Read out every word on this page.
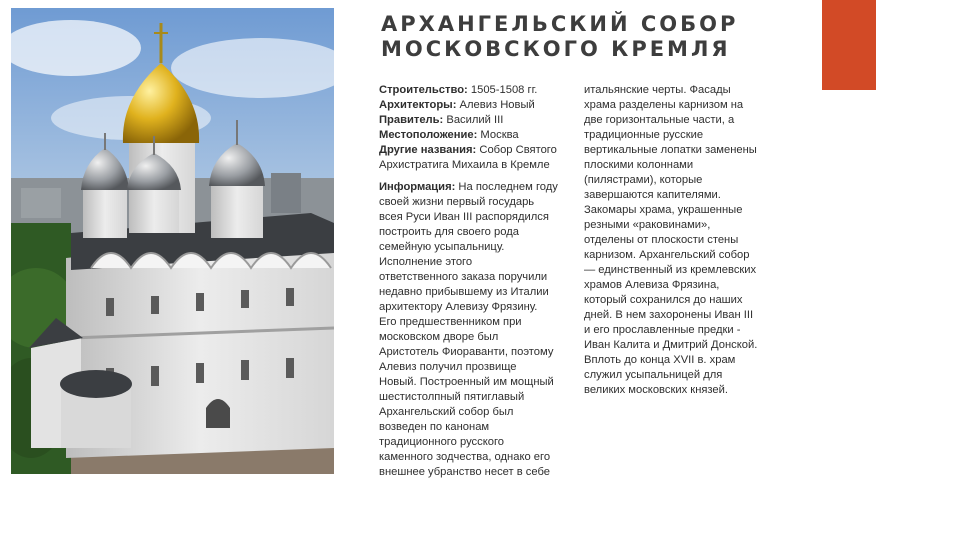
АРХАНГЕЛЬСКИЙ СОБОР
МОСКОВСКОГО КРЕМЛЯ
Строительство: 1505-1508 гг.
Архитекторы: Алевиз Новый
Правитель: Василий III
Местоположение: Москва
Другие названия: Собор Святого
Архистратига Михаила в Кремле
Информация: На последнем году
своей жизни первый государь
всея Руси Иван III распорядился
построить для своего рода
семейную усыпальницу.
Исполнение этого
ответственного заказа поручили
недавно прибывшему из Италии
архитектору Алевизу Фрязину.
Его предшественником при
московском дворе был
Аристотель Фиораванти, поэтому
Алевиз получил прозвище
Новый. Построенный им мощный
шестистолпный пятиглавый
Архангельский собор был
возведен по канонам
традиционного русского
каменного зодчества, однако его
внешнее убранство несет в себе
итальянские черты. Фасады
храма разделены карнизом на
две горизонтальные части, а
традиционные русские
вертикальные лопатки заменены
плоскими колоннами
(пилястрами), которые
завершаются капителями.
Закомары храма, украшенные
резными «раковинами»,
отделены от плоскости стены
карнизом. Архангельский собор
— единственный из кремлевских
храмов Алевиза Фрязина,
который сохранился до наших
дней. В нем захоронены Иван III
и его прославленные предки -
Иван Калита и Дмитрий Донской.
Вплоть до конца XVII в. храм
служил усыпальницей для
великих московских князей.
